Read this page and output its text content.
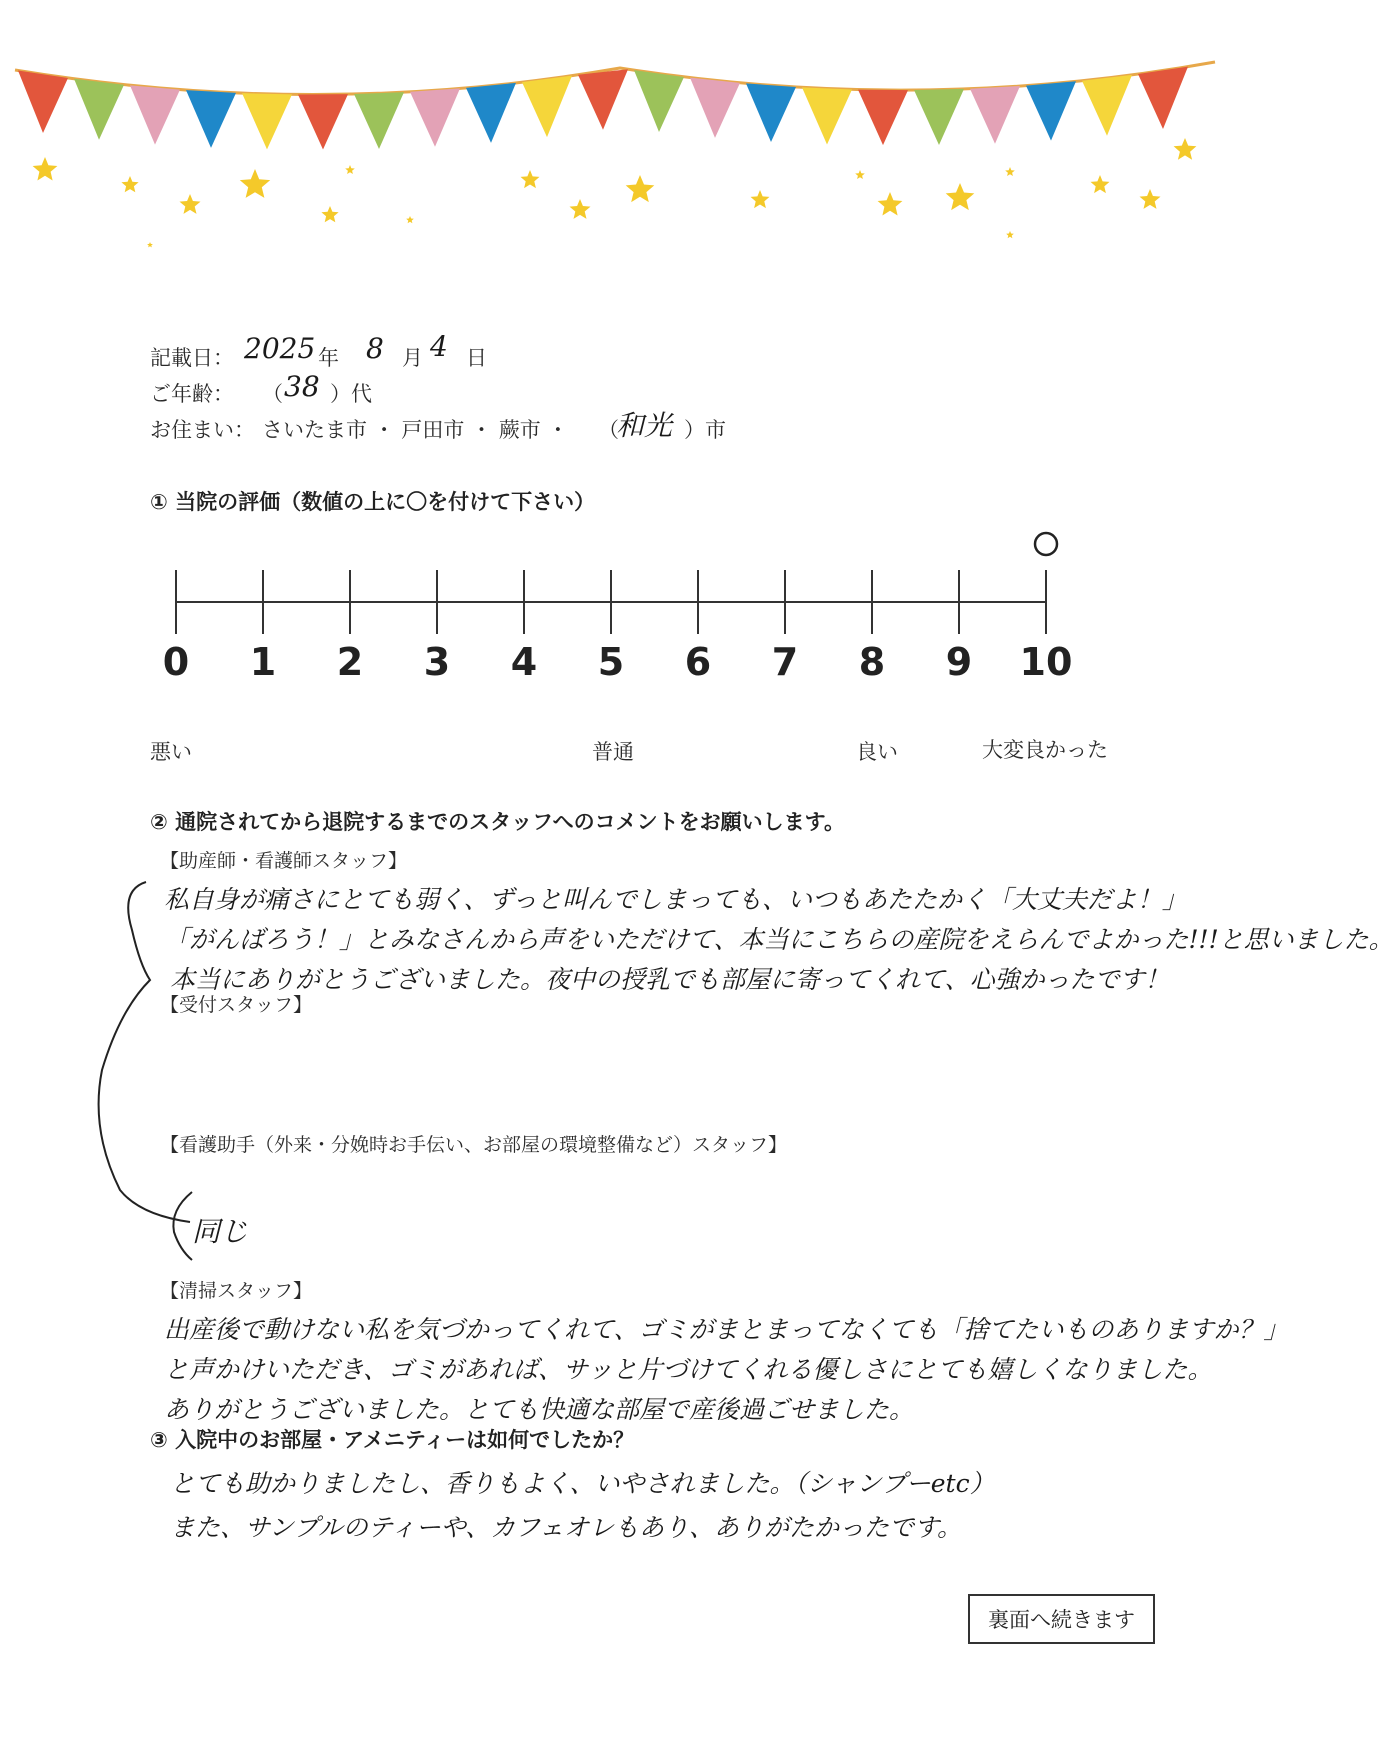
記載日： 2025 年 8 月 4 日
ご年齢： （ 38 ）代
お住まい： さいたま市 ・ 戸田市 ・ 蕨市 ・ （
和光 ）市
① 当院の評価（数値の上に〇を付けて下さい）
0	1	2	3	4	5	6	7	8	9	10
悪い	普通	良い	大変良かった
② 通院されてから退院するまでのスタッフへのコメントをお願いします。
【助産師・看護師スタッフ】
私自身が痛さにとても弱く、ずっと叫んでしまっても、いつもあたたかく「大丈夫だよ！」
「がんばろう！」とみなさんから声をいただけて、本当にこちらの産院をえらんでよかった!!!と思いました。
本当にありがとうございました。夜中の授乳でも部屋に寄ってくれて、心強かったです！
【受付スタッフ】
【看護助手（外来・分娩時お手伝い、お部屋の環境整備など）スタッフ】
同じ
【清掃スタッフ】
出産後で動けない私を気づかってくれて、ゴミがまとまってなくても「捨てたいものありますか？」
と声かけいただき、ゴミがあれば、サッと片づけてくれる優しさにとても嬉しくなりました。
ありがとうございました。とても快適な部屋で産後過ごせました。
③ 入院中のお部屋・アメニティーは如何でしたか？
とても助かりましたし、香りもよく、いやされました。（シャンプーetc）
また、サンプルのティーや、カフェオレもあり、ありがたかったです。
裏面へ続きます
